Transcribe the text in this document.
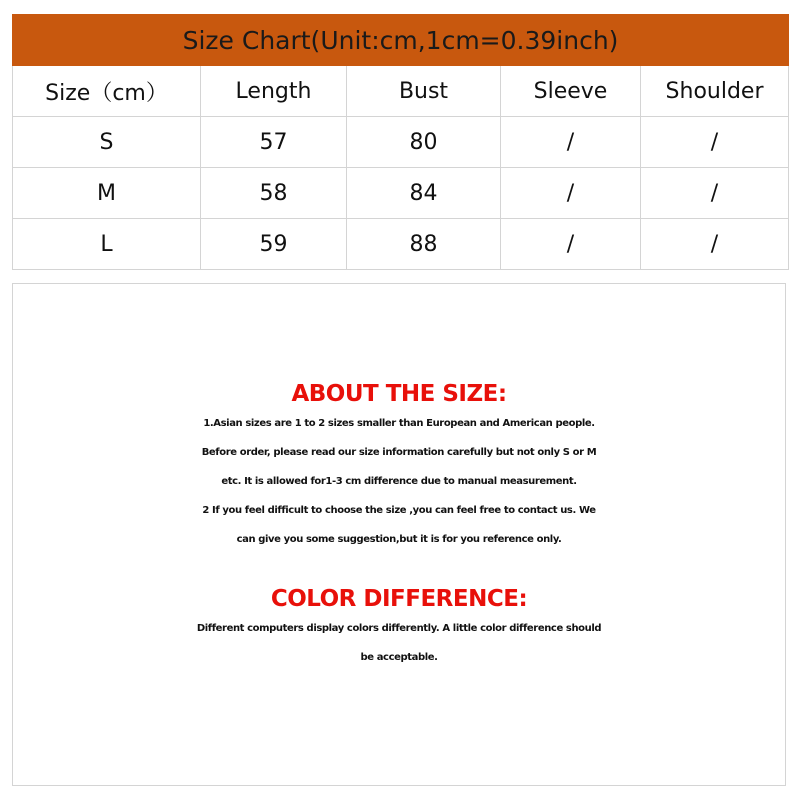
Size Chart(Unit:cm,1cm=0.39inch)				
Size（cm）	Length	Bust	Sleeve	Shoulder
S	57	80	/	/
M	58	84	/	/
L	59	88	/	/

ABOUT THE SIZE:

1.Asian sizes are 1 to 2 sizes smaller than European and American people.
Before order, please read our size information carefully but not only S or M
etc. It is allowed for1-3 cm difference due to manual measurement.
2 If you feel difficult to choose the size ,you can feel free to contact us. We
can give you some suggestion,but it is for you reference only.

COLOR DIFFERENCE:

Different computers display colors differently. A little color difference should
be acceptable.
